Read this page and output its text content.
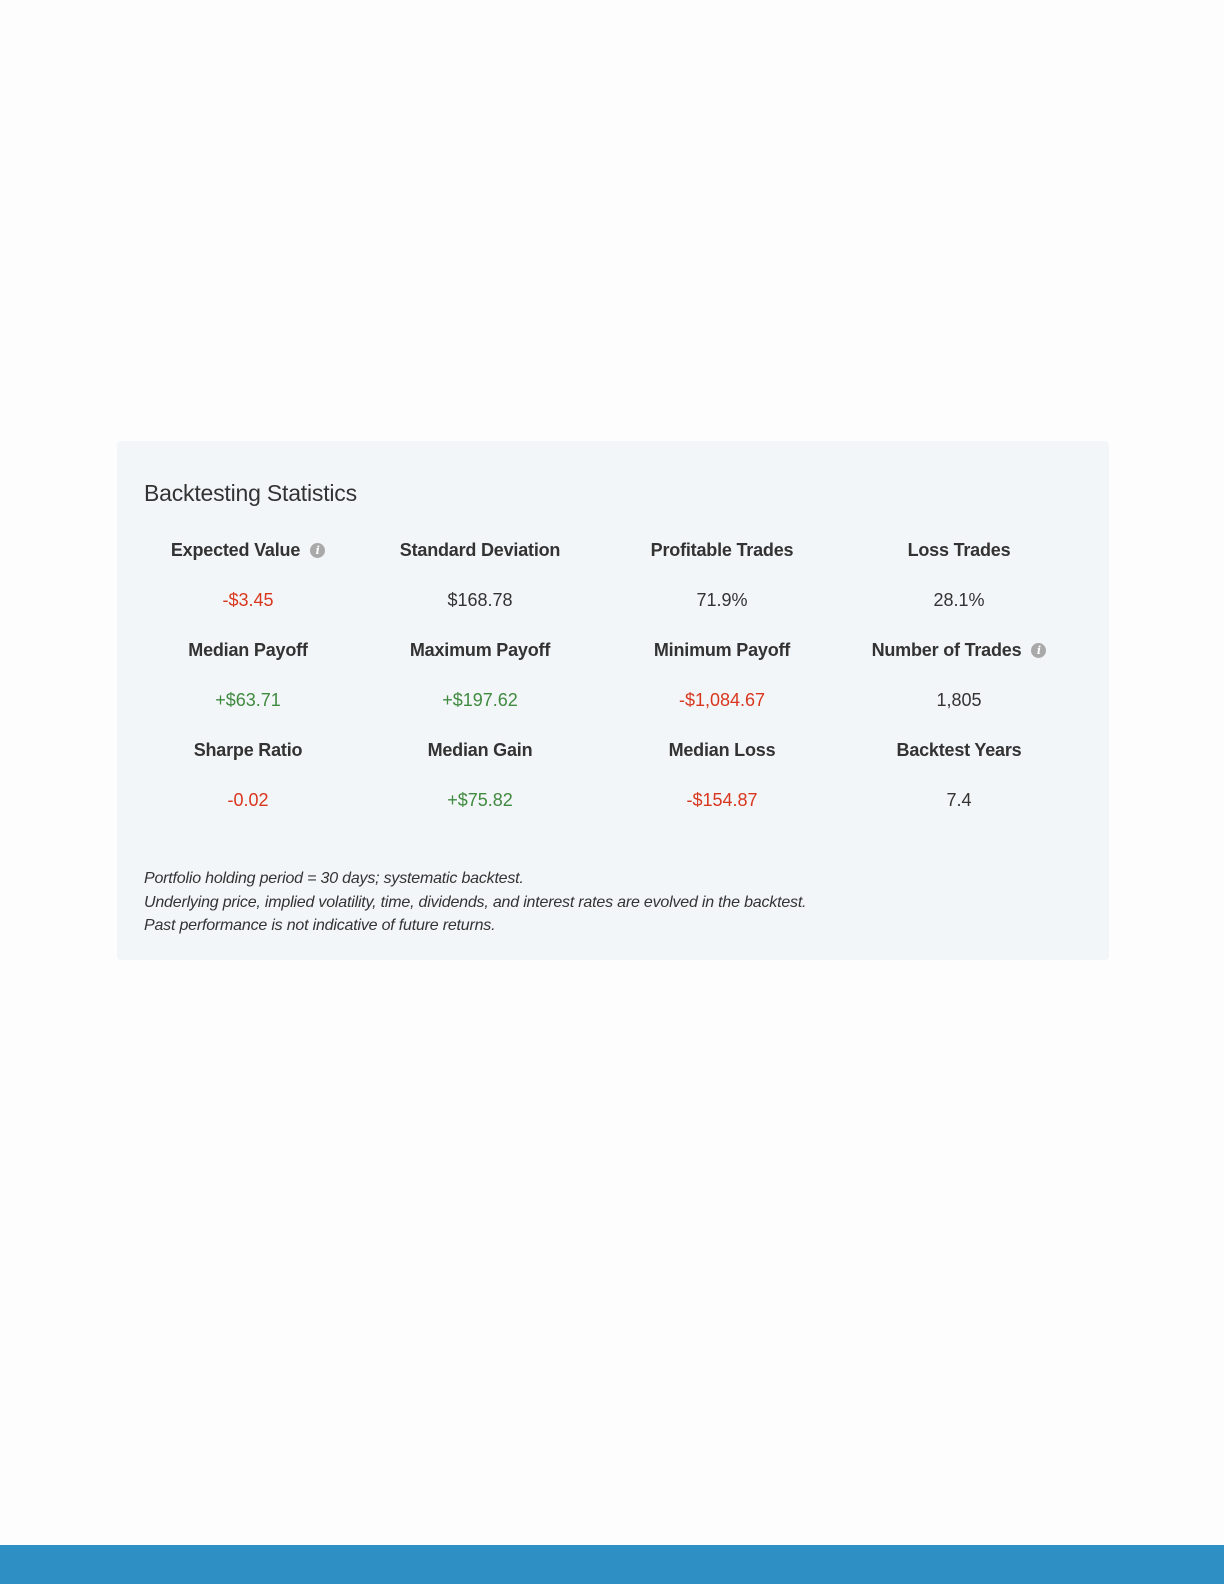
Backtesting Statistics
Expected Value	i	Standard Deviation	Profitable Trades	Loss Trades
-$3.45	$168.78	71.9%	28.1%
Median Payoff	Maximum Payoff	Minimum Payoff	Number of Trades	i
+$63.71	+$197.62	-$1,084.67	1,805
Sharpe Ratio	Median Gain	Median Loss	Backtest Years
-0.02	+$75.82	-$154.87	7.4
Portfolio holding period = 30 days; systematic backtest.
Underlying price, implied volatility, time, dividends, and interest rates are evolved in the backtest.
Past performance is not indicative of future returns.
